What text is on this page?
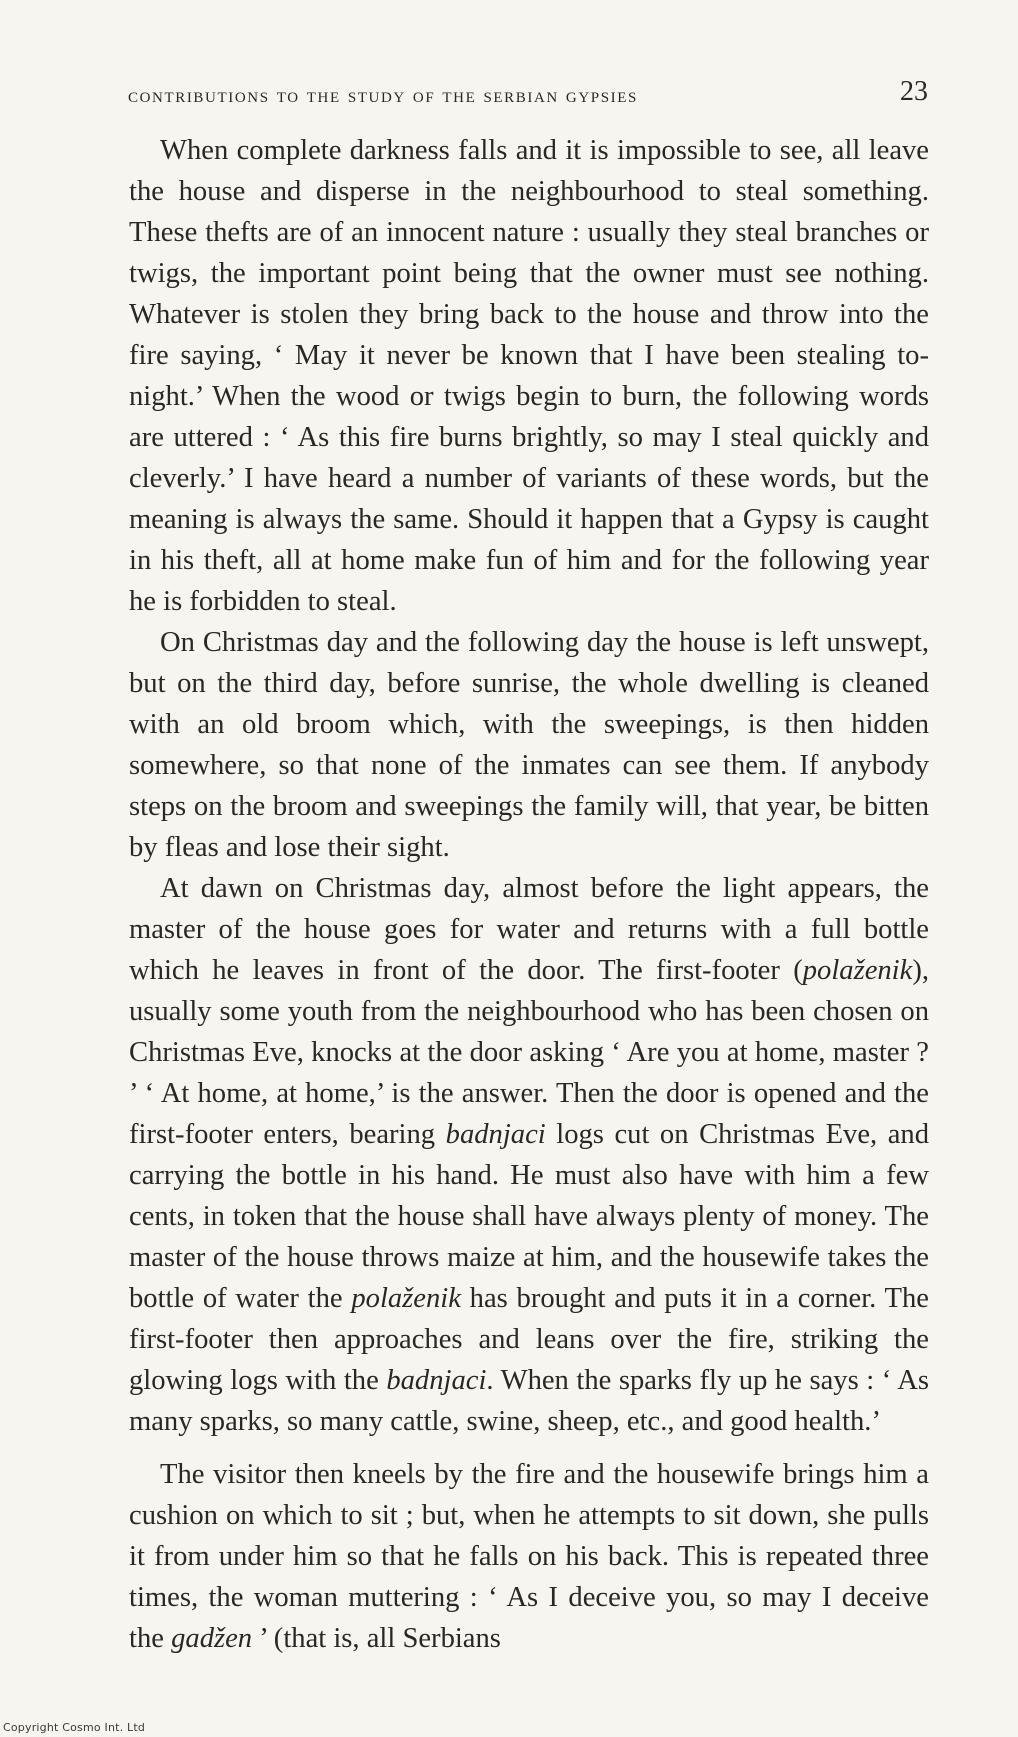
contributions to the study of the serbian gypsies	23

When complete darkness falls and it is impossible to see, all leave the house and disperse in the neighbourhood to steal something. These thefts are of an innocent nature : usually they steal branches or twigs, the important point being that the owner must see nothing. Whatever is stolen they bring back to the house and throw into the fire saying, ‘ May it never be known that I have been stealing to-night.’ When the wood or twigs begin to burn, the following words are uttered : ‘ As this fire burns brightly, so may I steal quickly and cleverly.’ I have heard a number of variants of these words, but the meaning is always the same. Should it happen that a Gypsy is caught in his theft, all at home make fun of him and for the following year he is forbidden to steal.

On Christmas day and the following day the house is left unswept, but on the third day, before sunrise, the whole dwelling is cleaned with an old broom which, with the sweepings, is then hidden somewhere, so that none of the inmates can see them. If anybody steps on the broom and sweepings the family will, that year, be bitten by fleas and lose their sight.

At dawn on Christmas day, almost before the light appears, the master of the house goes for water and returns with a full bottle which he leaves in front of the door. The first-footer (polaženik), usually some youth from the neighbourhood who has been chosen on Christmas Eve, knocks at the door asking ‘ Are you at home, master ? ’ ‘ At home, at home,’ is the answer. Then the door is opened and the first-footer enters, bearing badnjaci logs cut on Christmas Eve, and carrying the bottle in his hand. He must also have with him a few cents, in token that the house shall have always plenty of money. The master of the house throws maize at him, and the housewife takes the bottle of water the polaženik has brought and puts it in a corner. The first-footer then approaches and leans over the fire, striking the glowing logs with the badnjaci. When the sparks fly up he says : ‘ As many sparks, so many cattle, swine, sheep, etc., and good health.’

The visitor then kneels by the fire and the housewife brings him a cushion on which to sit ; but, when he attempts to sit down, she pulls it from under him so that he falls on his back. This is repeated three times, the woman muttering : ‘ As I deceive you, so may I deceive the gadžen ’ (that is, all Serbians

Copyright Cosmo Int. Ltd
